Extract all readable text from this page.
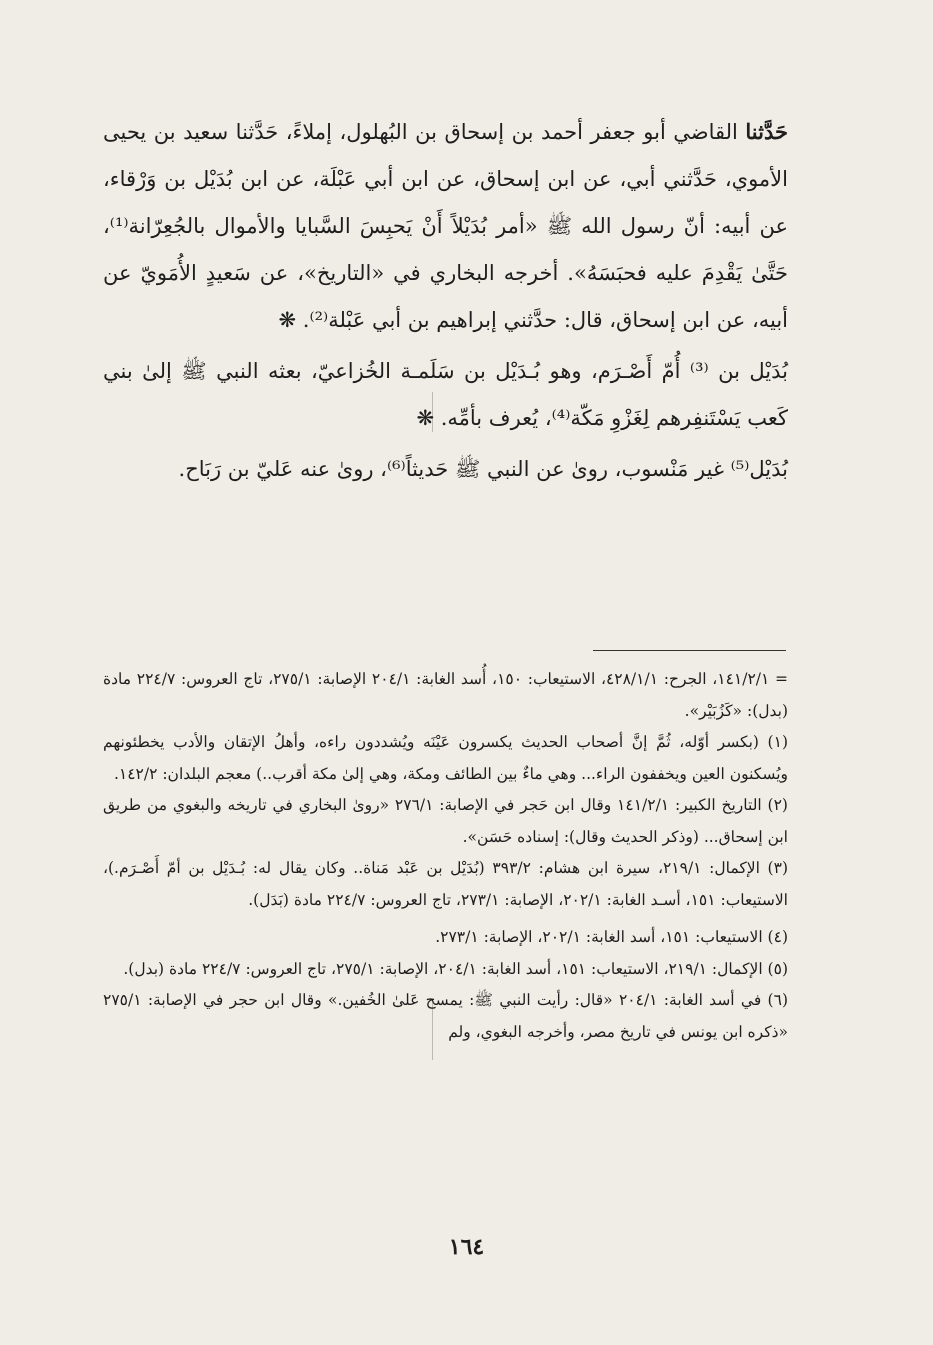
حَدَّثنا القاضي أبو جعفر أحمد بن إسحاق بن البُهلول، إملاءً، حَدَّثنا سعيد بن يحيى الأموي، حَدَّثني أبي، عن ابن إسحاق، عن ابن أبي عَبْلَة، عن ابن بُدَيْل بن وَرْقاء، عن أبيه: أنّ رسول الله ﷺ «أمر بُدَيْلاً أَنْ يَحبِسَ السَّبايا والأموال بالجُعِرّانة⁽¹⁾، حَتَّىٰ يَقْدِمَ عليه فحبَسَهُ». أخرجه البخاري في «التاريخ»، عن سَعيدٍ الأُمَويّ عن أبيه، عن ابن إسحاق، قال: حدَّثني إبراهيم بن أبي عَبْلة⁽²⁾. ❋

بُدَيْل بن ⁽³⁾ أُمّ أَصْـرَم، وهو بُـدَيْل بن سَلَمـة الخُزاعيّ، بعثه النبي ﷺ إلىٰ بني كَعب يَسْتَنفِرهم لِغَزْوِ مَكّة⁽⁴⁾، يُعرف بأمِّه. ❋

بُدَيْل⁽⁵⁾ غير مَنْسوب، روىٰ عن النبي ﷺ حَديثاً⁽⁶⁾، روىٰ عنه عَليّ بن رَبَاح.

= ١٤١/٢/١، الجرح: ٤٢٨/١/١، الاستيعاب: ١٥٠، أُسد الغابة: ٢٠٤/١ الإصابة: ٢٧٥/١، تاج العروس: ٢٢٤/٧ مادة (بدل): «كَزُبَيْر».

(١) (بكسر أوّله، ثُمَّ إنَّ أصحاب الحديث يكسرون عَيْنَه ويُشددون راءه، وأهلُ الإتقان والأدب يخطئونهم ويُسكنون العين ويخففون الراء... وهي ماءٌ بين الطائف ومكة، وهي إلىٰ مكة أقرب..) معجم البلدان: ١٤٢/٢.

(٢) التاريخ الكبير: ١٤١/٢/١ وقال ابن حَجر في الإصابة: ٢٧٦/١ «روىٰ البخاري في تاريخه والبغوي من طريق ابن إسحاق... (وذكر الحديث وقال): إسناده حَسَن».

(٣) الإكمال: ٢١٩/١، سيرة ابن هشام: ٣٩٣/٢ (بُدَيْل بن عَبْد مَناة.. وكان يقال له: بُـدَيْل بن أمّ أَصْـرَم.)، الاستيعاب: ١٥١، أسـد الغابة: ٢٠٢/١، الإصابة: ٢٧٣/١، تاج العروس: ٢٢٤/٧ مادة (بَدَل).

(٤) الاستيعاب: ١٥١، أسد الغابة: ٢٠٢/١، الإصابة: ٢٧٣/١.

(٥) الإكمال: ٢١٩/١، الاستيعاب: ١٥١، أسد الغابة: ٢٠٤/١، الإصابة: ٢٧٥/١، تاج العروس: ٢٢٤/٧ مادة (بدل).

(٦) في أسد الغابة: ٢٠٤/١ «قال: رأيت النبي ﷺ: يمسح عَلىٰ الخُفين.» وقال ابن حجر في الإصابة: ٢٧٥/١ «ذكره ابن يونس في تاريخ مصر، وأخرجه البغوي، ولم

١٦٤
